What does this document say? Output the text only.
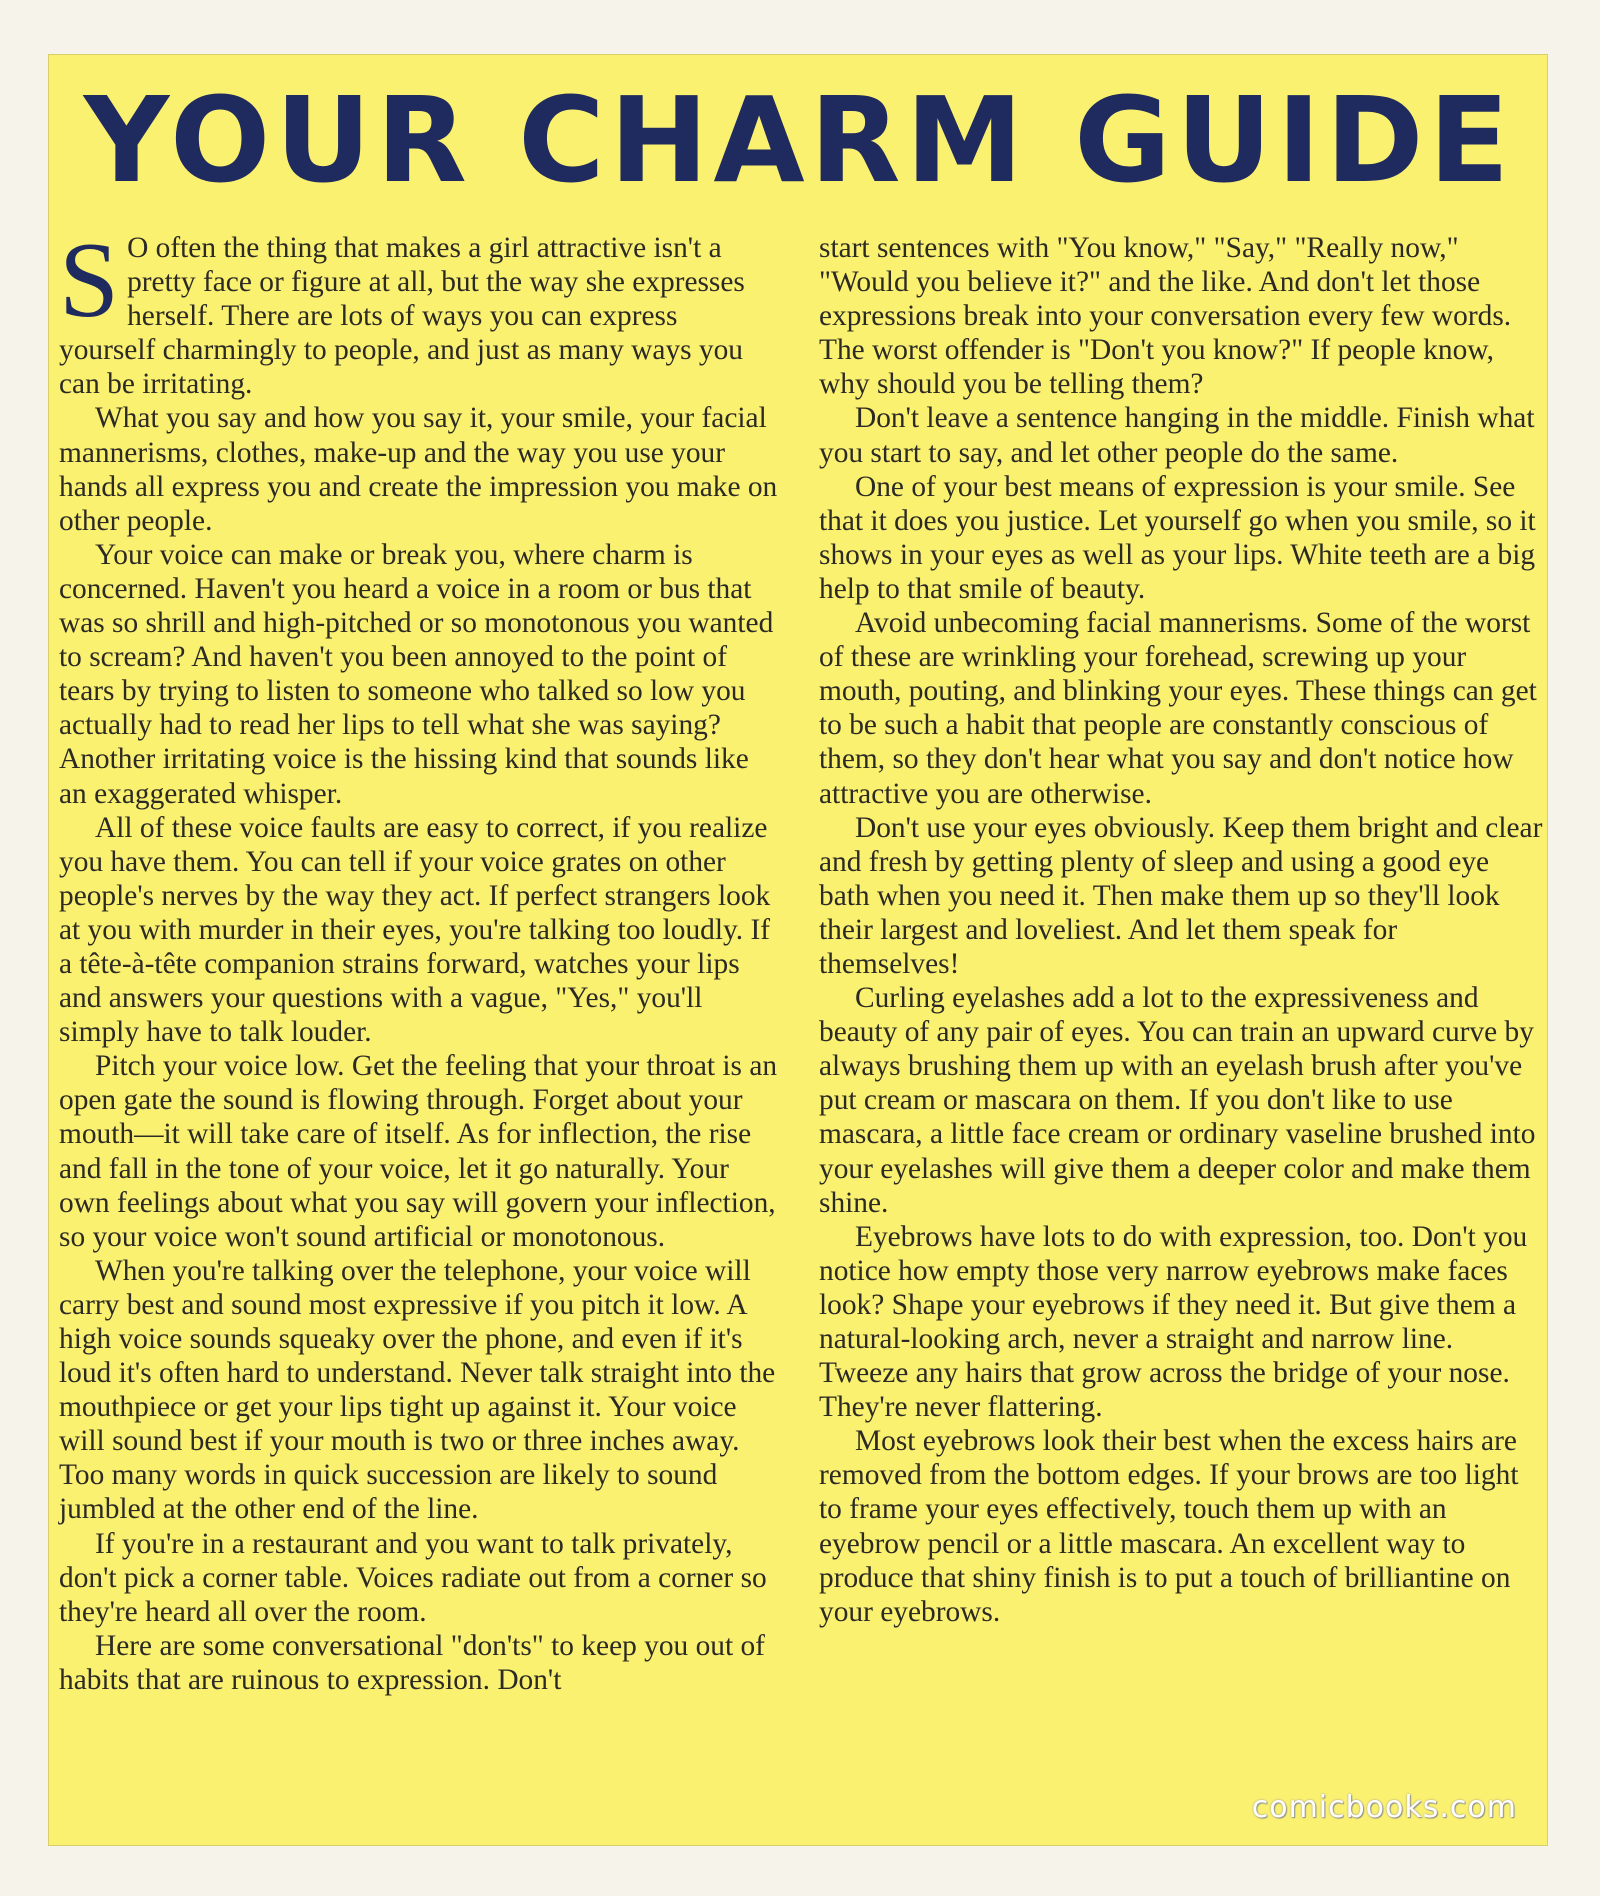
YOUR CHARM GUIDE

S O often the thing that makes a girl attractive isn't a pretty face or figure at all, but the way she expresses herself. There are lots of ways you can express yourself charmingly to people, and just as many ways you can be irritating.

What you say and how you say it, your smile, your facial mannerisms, clothes, make-up and the way you use your hands all express you and create the impression you make on other people.

Your voice can make or break you, where charm is concerned. Haven't you heard a voice in a room or bus that was so shrill and high-pitched or so monotonous you wanted to scream? And haven't you been annoyed to the point of tears by trying to listen to someone who talked so low you actually had to read her lips to tell what she was saying? Another irritating voice is the hissing kind that sounds like an exaggerated whisper.

All of these voice faults are easy to correct, if you realize you have them. You can tell if your voice grates on other people's nerves by the way they act. If perfect strangers look at you with murder in their eyes, you're talking too loudly. If a tête-à-tête companion strains forward, watches your lips and answers your questions with a vague, "Yes," you'll simply have to talk louder.

Pitch your voice low. Get the feeling that your throat is an open gate the sound is flowing through. Forget about your mouth—it will take care of itself. As for inflection, the rise and fall in the tone of your voice, let it go naturally. Your own feelings about what you say will govern your inflection, so your voice won't sound artificial or monotonous.

When you're talking over the telephone, your voice will carry best and sound most expressive if you pitch it low. A high voice sounds squeaky over the phone, and even if it's loud it's often hard to understand. Never talk straight into the mouthpiece or get your lips tight up against it. Your voice will sound best if your mouth is two or three inches away. Too many words in quick succession are likely to sound jumbled at the other end of the line.

If you're in a restaurant and you want to talk privately, don't pick a corner table. Voices radiate out from a corner so they're heard all over the room.

Here are some conversational "don'ts" to keep you out of habits that are ruinous to expression. Don't

start sentences with "You know," "Say," "Really now," "Would you believe it?" and the like. And don't let those expressions break into your conversation every few words. The worst offender is "Don't you know?" If people know, why should you be telling them?

Don't leave a sentence hanging in the middle. Finish what you start to say, and let other people do the same.

One of your best means of expression is your smile. See that it does you justice. Let yourself go when you smile, so it shows in your eyes as well as your lips. White teeth are a big help to that smile of beauty.

Avoid unbecoming facial mannerisms. Some of the worst of these are wrinkling your forehead, screwing up your mouth, pouting, and blinking your eyes. These things can get to be such a habit that people are constantly conscious of them, so they don't hear what you say and don't notice how attractive you are otherwise.

Don't use your eyes obviously. Keep them bright and clear and fresh by getting plenty of sleep and using a good eye bath when you need it. Then make them up so they'll look their largest and loveliest. And let them speak for themselves!

Curling eyelashes add a lot to the expressiveness and beauty of any pair of eyes. You can train an upward curve by always brushing them up with an eyelash brush after you've put cream or mascara on them. If you don't like to use mascara, a little face cream or ordinary vaseline brushed into your eyelashes will give them a deeper color and make them shine.

Eyebrows have lots to do with expression, too. Don't you notice how empty those very narrow eyebrows make faces look? Shape your eyebrows if they need it. But give them a natural-looking arch, never a straight and narrow line. Tweeze any hairs that grow across the bridge of your nose. They're never flattering.

Most eyebrows look their best when the excess hairs are removed from the bottom edges. If your brows are too light to frame your eyes effectively, touch them up with an eyebrow pencil or a little mascara. An excellent way to produce that shiny finish is to put a touch of brilliantine on your eyebrows.

comicbooks.com
